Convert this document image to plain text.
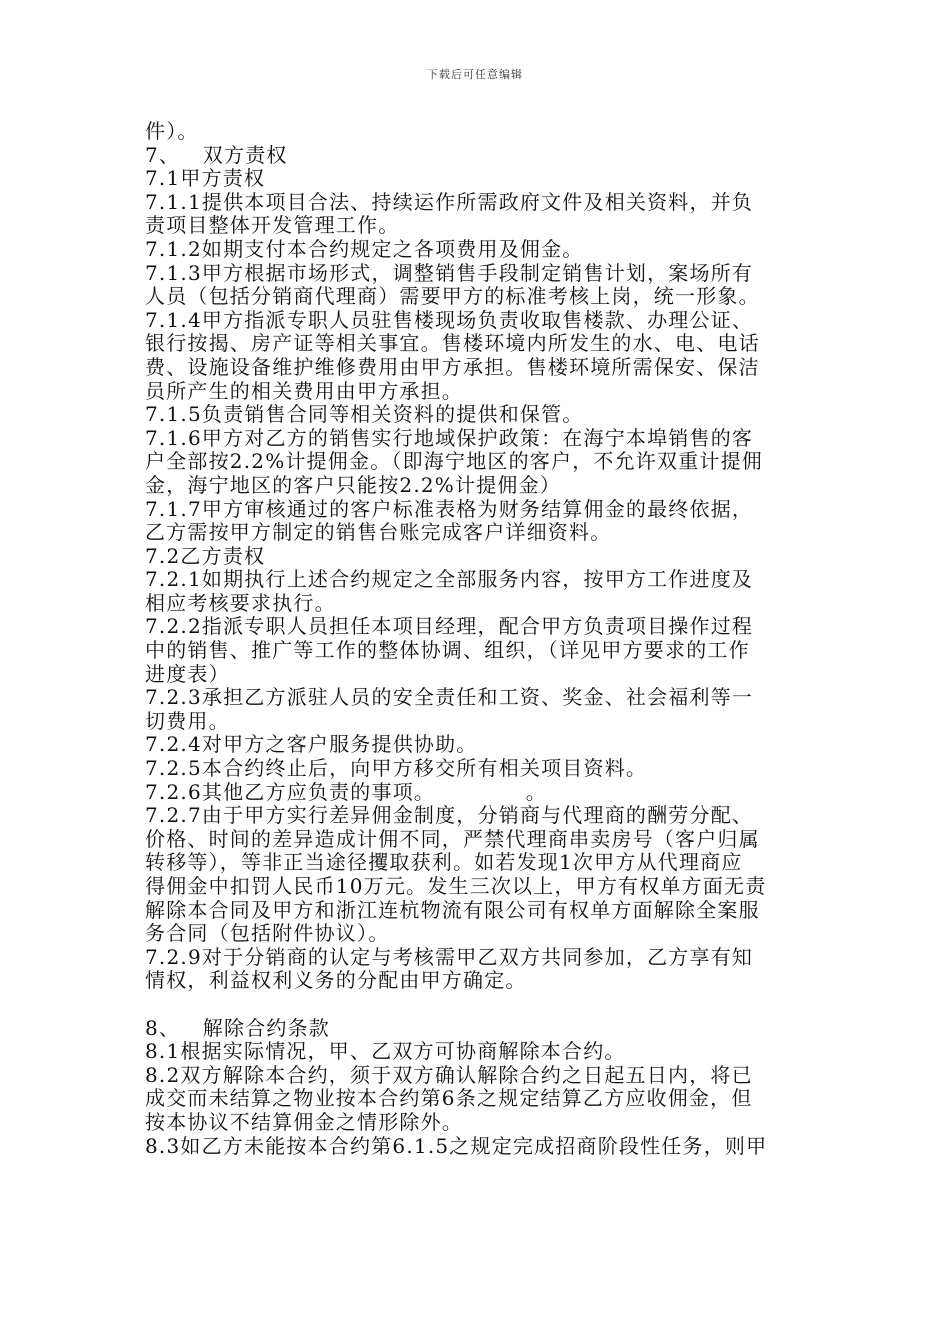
下载后可任意编辑
件）。
7、   双方责权
7.1甲方责权
7.1.1提供本项目合法、持续运作所需政府文件及相关资料，并负
责项目整体开发管理工作。
7.1.2如期支付本合约规定之各项费用及佣金。
7.1.3甲方根据市场形式，调整销售手段制定销售计划，案场所有
人员（包括分销商代理商）需要甲方的标准考核上岗，统一形象。
7.1.4甲方指派专职人员驻售楼现场负责收取售楼款、办理公证、
银行按揭、房产证等相关事宜。售楼环境内所发生的水、电、电话
费、设施设备维护维修费用由甲方承担。售楼环境所需保安、保洁
员所产生的相关费用由甲方承担。
7.1.5负责销售合同等相关资料的提供和保管。
7.1.6甲方对乙方的销售实行地域保护政策：在海宁本埠销售的客
户全部按2.2%计提佣金。（即海宁地区的客户，不允许双重计提佣
金，海宁地区的客户只能按2.2%计提佣金）
7.1.7甲方审核通过的客户标准表格为财务结算佣金的最终依据，
乙方需按甲方制定的销售台账完成客户详细资料。
7.2乙方责权
7.2.1如期执行上述合约规定之全部服务内容，按甲方工作进度及
相应考核要求执行。
7.2.2指派专职人员担任本项目经理，配合甲方负责项目操作过程
中的销售、推广等工作的整体协调、组织，（详见甲方要求的工作
进度表）
7.2.3承担乙方派驻人员的安全责任和工资、奖金、社会福利等一
切费用。
7.2.4对甲方之客户服务提供协助。
7.2.5本合约终止后，向甲方移交所有相关项目资料。
7.2.6其他乙方应负责的事项。            。
7.2.7由于甲方实行差异佣金制度，分销商与代理商的酬劳分配、
价格、时间的差异造成计佣不同，严禁代理商串卖房号（客户归属
转移等），等非正当途径攫取获利。如若发现1次甲方从代理商应
得佣金中扣罚人民币10万元。发生三次以上，甲方有权单方面无责
解除本合同及甲方和浙江连杭物流有限公司有权单方面解除全案服
务合同（包括附件协议）。
7.2.9对于分销商的认定与考核需甲乙双方共同参加，乙方享有知
情权，利益权利义务的分配由甲方确定。
8、   解除合约条款
8.1根据实际情况，甲、乙双方可协商解除本合约。
8.2双方解除本合约，须于双方确认解除合约之日起五日内，将已
成交而未结算之物业按本合约第6条之规定结算乙方应收佣金，但
按本协议不结算佣金之情形除外。
8.3如乙方未能按本合约第6.1.5之规定完成招商阶段性任务，则甲
